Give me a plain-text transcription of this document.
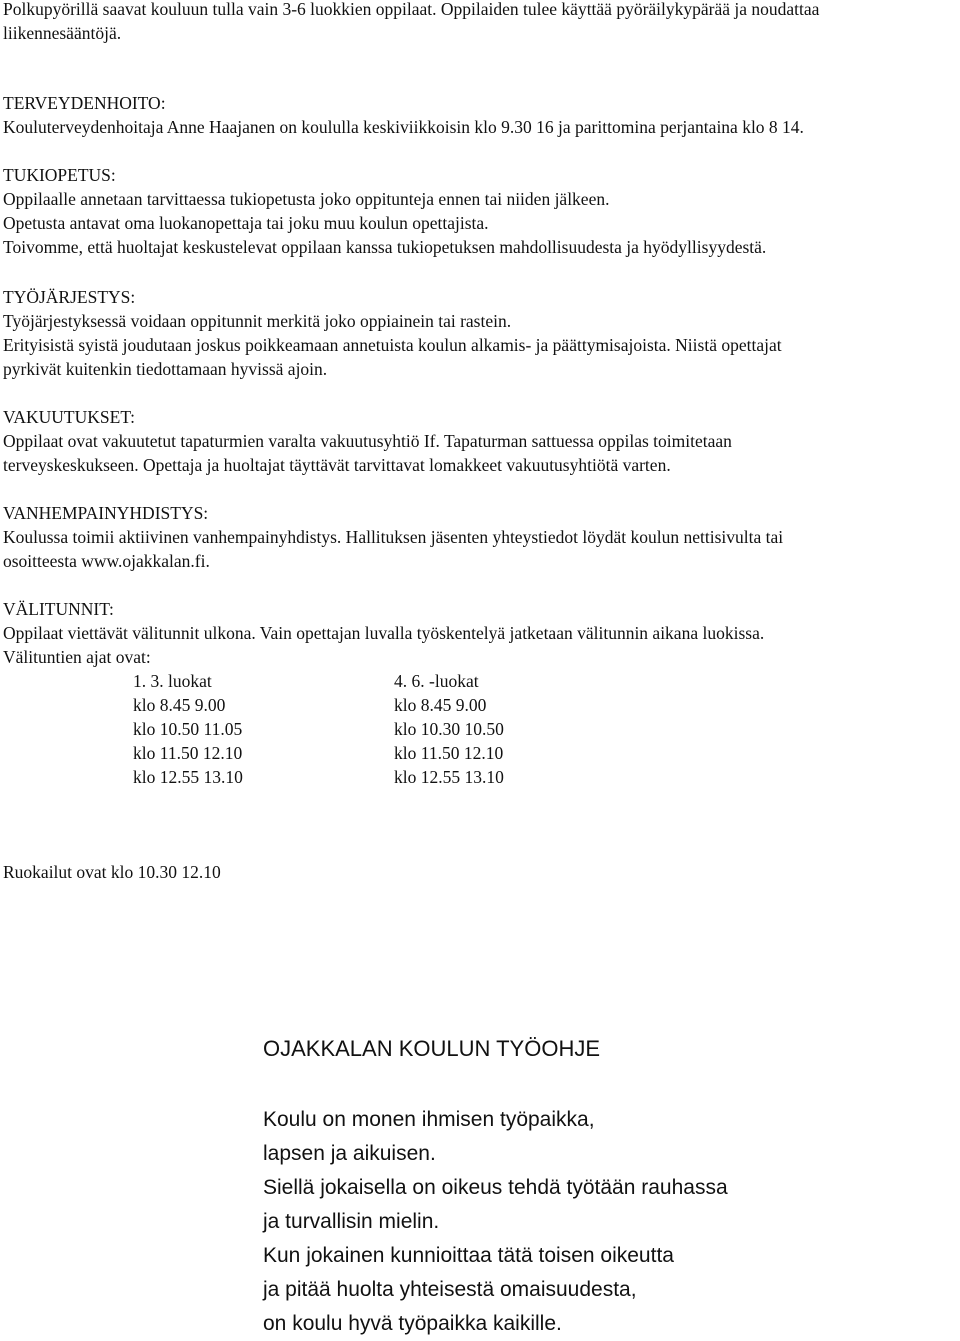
Polkupyörillä saavat kouluun tulla vain 3-6 luokkien oppilaat. Oppilaiden tulee käyttää pyöräilykypärää ja noudattaa
liikennesääntöjä.
TERVEYDENHOITO:
Kouluterveydenhoitaja Anne Haajanen on koululla keskiviikkoisin klo 9.30 16 ja parittomina perjantaina klo 8 14.
TUKIOPETUS:
Oppilaalle annetaan tarvittaessa tukiopetusta joko oppitunteja ennen tai niiden jälkeen.
Opetusta antavat oma luokanopettaja tai joku muu koulun opettajista.
Toivomme, että huoltajat keskustelevat oppilaan kanssa tukiopetuksen mahdollisuudesta ja hyödyllisyydestä.
TYÖJÄRJESTYS:
Työjärjestyksessä voidaan oppitunnit merkitä joko oppiainein tai rastein.
Erityisistä syistä joudutaan joskus poikkeamaan annetuista koulun alkamis- ja päättymisajoista. Niistä opettajat
pyrkivät kuitenkin tiedottamaan hyvissä ajoin.
VAKUUTUKSET:
Oppilaat ovat vakuutetut tapaturmien varalta vakuutusyhtiö If. Tapaturman sattuessa oppilas toimitetaan
terveyskeskukseen. Opettaja ja huoltajat täyttävät tarvittavat lomakkeet vakuutusyhtiötä varten.
VANHEMPAINYHDISTYS:
Koulussa toimii aktiivinen vanhempainyhdistys. Hallituksen jäsenten yhteystiedot löydät koulun nettisivulta tai
osoitteesta www.ojakkalan.fi.
VÄLITUNNIT:
Oppilaat viettävät välitunnit ulkona. Vain opettajan luvalla työskentelyä jatketaan välitunnin aikana luokissa.
Välituntien ajat ovat:
1. 3. luokat
klo 8.45 9.00
klo 10.50 11.05
klo 11.50 12.10
klo 12.55 13.10
4. 6. -luokat
klo 8.45 9.00
klo 10.30 10.50
klo 11.50 12.10
klo 12.55 13.10
Ruokailut ovat klo 10.30 12.10
OJAKKALAN KOULUN TYÖOHJE
Koulu on monen ihmisen työpaikka,
lapsen ja aikuisen.
Siellä jokaisella on oikeus tehdä työtään rauhassa
ja turvallisin mielin.
Kun jokainen kunnioittaa tätä toisen oikeutta
ja pitää huolta yhteisestä omaisuudesta,
on koulu hyvä työpaikka kaikille.
